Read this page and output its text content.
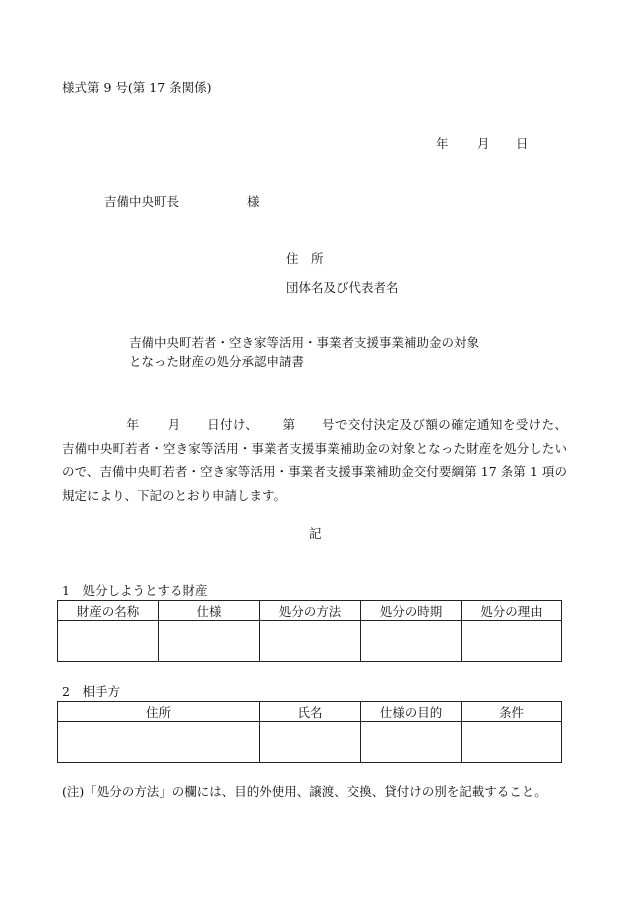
様式第 9 号(第 17 条関係)
年 月 日
吉備中央町長	様
住　所
団体名及び代表者名
吉備中央町若者・空き家等活用・事業者支援事業補助金の対象
となった財産の処分承認申請書
年 月 日付け、 第 号で交付決定及び額の確定通知を受けた、吉備中央町若者・空き家等活用・事業者支援事業補助金の対象となった財産を処分したいので、吉備中央町若者・空き家等活用・事業者支援事業補助金交付要綱第 17 条第 1 項の規定により、下記のとおり申請します。
記
1　処分しようとする財産
財産の名称	仕様	処分の方法	処分の時期	処分の理由

2　相手方
住所	氏名	仕様の目的	条件

(注)「処分の方法」の欄には、目的外使用、譲渡、交換、貸付けの別を記載すること。
